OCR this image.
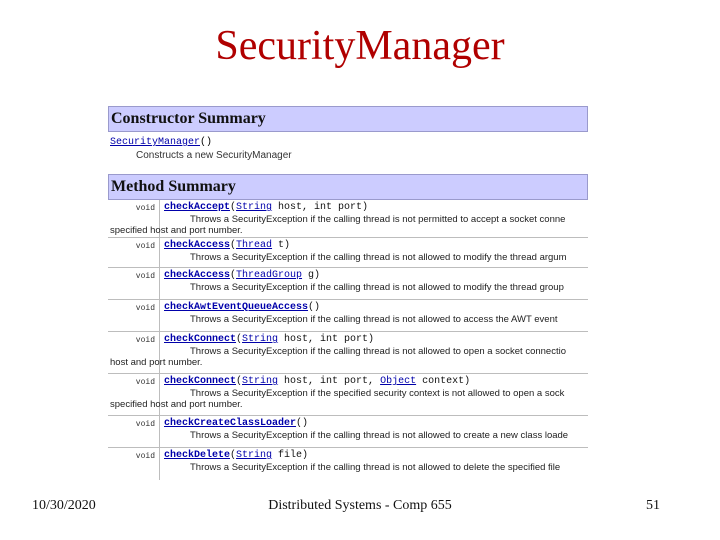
SecurityManager
Constructor Summary
SecurityManager()
Constructs a new SecurityManager
Method Summary
void checkAccept(String host, int port)
Throws a SecurityException if the calling thread is not permitted to accept a socket conne
specified host and port number.
void checkAccess(Thread t)
Throws a SecurityException if the calling thread is not allowed to modify the thread argum
void checkAccess(ThreadGroup g)
Throws a SecurityException if the calling thread is not allowed to modify the thread group
void checkAwtEventQueueAccess()
Throws a SecurityException if the calling thread is not allowed to access the AWT event
void checkConnect(String host, int port)
Throws a SecurityException if the calling thread is not allowed to open a socket connectio
host and port number.
void checkConnect(String host, int port, Object context)
Throws a SecurityException if the specified security context is not allowed to open a sock
specified host and port number.
void checkCreateClassLoader()
Throws a SecurityException if the calling thread is not allowed to create a new class loade
void checkDelete(String file)
Throws a SecurityException if the calling thread is not allowed to delete the specified file
10/30/2020	Distributed Systems - Comp 655	51
